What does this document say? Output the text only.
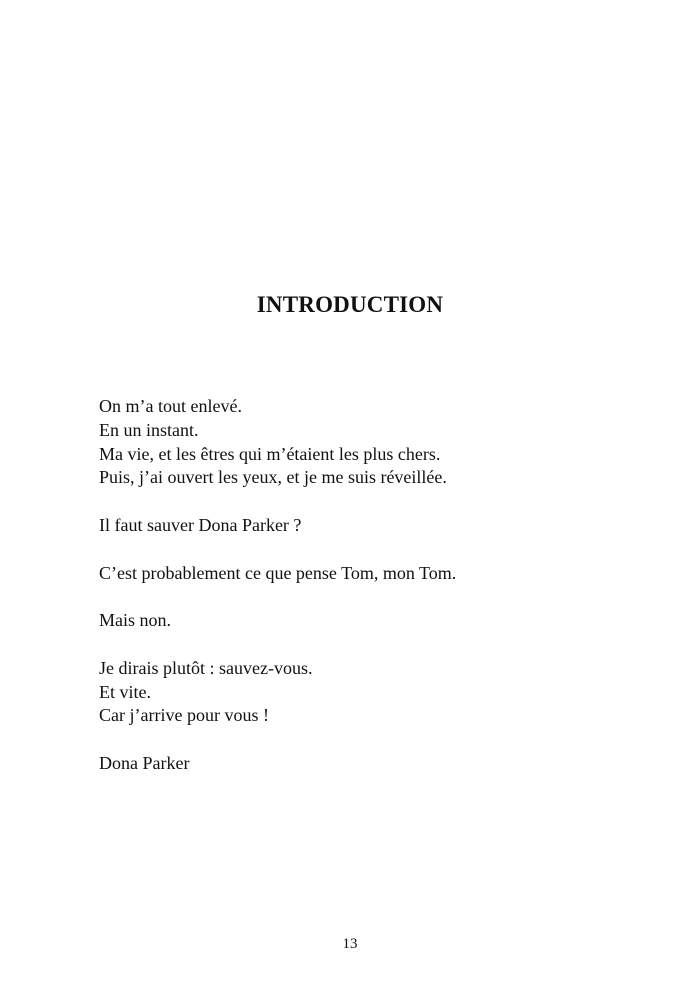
INTRODUCTION
On m’a tout enlevé.
En un instant.
Ma vie, et les êtres qui m’étaient les plus chers.
Puis, j’ai ouvert les yeux, et je me suis réveillée.
Il faut sauver Dona Parker ?
C’est probablement ce que pense Tom, mon Tom.
Mais non.
Je dirais plutôt : sauvez-vous.
Et vite.
Car j’arrive pour vous !
Dona Parker
13
